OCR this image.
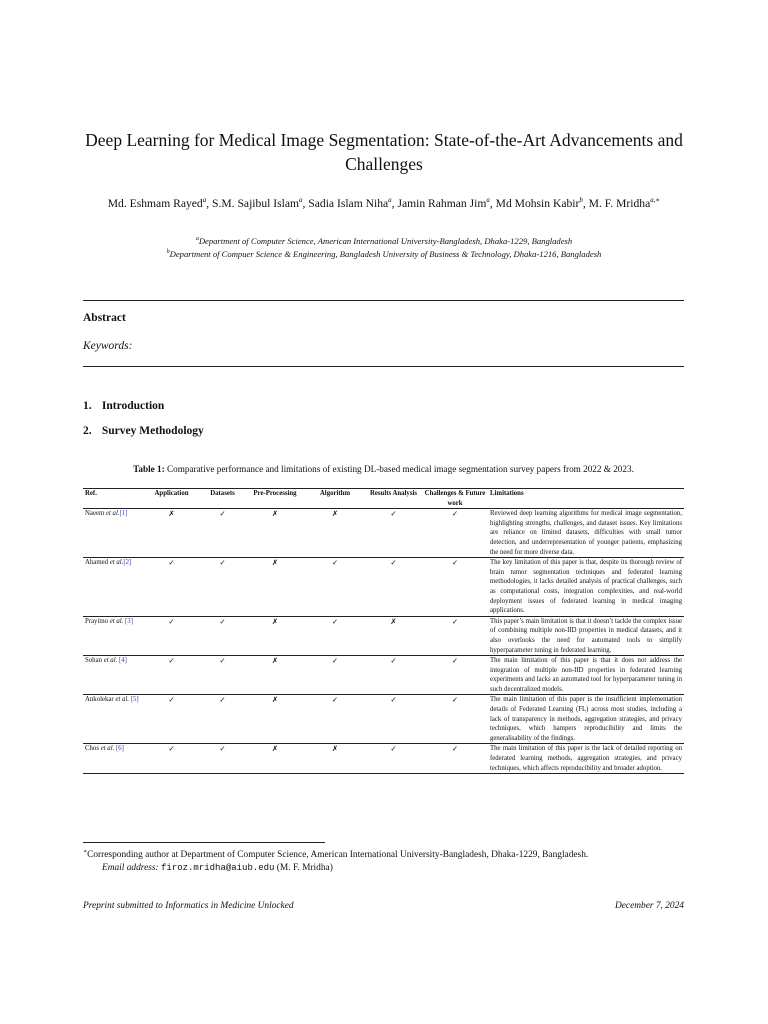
Deep Learning for Medical Image Segmentation: State-of-the-Art Advancements and Challenges
Md. Eshmam Rayed$^a$, S.M. Sajibul Islam$^a$, Sadia Islam Niha$^a$, Jamin Rahman Jim$^a$, Md Mohsin Kabir$^b$, M. F. Mridha$^{a,∗}$
$^a$Department of Computer Science, American International University-Bangladesh, Dhaka-1229, Bangladesh
$^b$Department of Compuer Science & Engineering, Bangladesh University of Business & Technology, Dhaka-1216, Bangladesh
Abstract
Keywords:
1. Introduction
2. Survey Methodology
Table 1: Comparative performance and limitations of existing DL-based medical image segmentation survey papers from 2022 & 2023.
Ref.	Application	Datasets	Pre-Processing	Algorithm	Results Analysis	Challenges & Future work	Limitations
Naeem et al.[1]	✗	✓	✗	✗	✓	✓	Reviewed deep learning algorithms for medical image segmentation, highlighting strengths, challenges, and dataset issues. Key limitations are reliance on limited datasets, difficulties with small tumor detection, and underrepresentation of younger patients, emphasizing the need for more diverse data.
Ahamed et al.[2]	✓	✓	✗	✓	✓	✓	The key limitation of this paper is that, despite its thorough review of brain tumor segmentation techniques and federated learning methodologies, it lacks detailed analysis of practical challenges, such as computational costs, integration complexities, and real-world deployment issues of federated learning in medical imaging applications.
Prayitno et al. [3]	✓	✓	✗	✓	✗	✓	This paper’s main limitation is that it doesn’t tackle the complex issue of combining multiple non-IID properties in medical datasets, and it also overlooks the need for automated tools to simplify hyperparameter tuning in federated learning.
Sohan et al. [4]	✓	✓	✗	✓	✓	✓	The main limitation of this paper is that it does not address the integration of multiple non-IID properties in federated learning experiments and lacks an automated tool for hyperparameter tuning in such decentralized models.
Ankolekar et al. [5]	✓	✓	✗	✓	✓	✓	The main limitation of this paper is the insufficient implementation details of Federated Learning (FL) across most studies, including a lack of transparency in methods, aggregation strategies, and privacy techniques, which hampers reproducibility and limits the generalisability of the findings.
Chos et al. [6]	✓	✓	✗	✗	✓	✓	The main limitation of this paper is the lack of detailed reporting on federated learning methods, aggregation strategies, and privacy techniques, which affects reproducibility and broader adoption.
∗Corresponding author at Department of Computer Science, American International University-Bangladesh, Dhaka-1229, Bangladesh.
Email address: firoz.mridha@aiub.edu (M. F. Mridha)
Preprint submitted to Informatics in Medicine Unlocked	December 7, 2024
